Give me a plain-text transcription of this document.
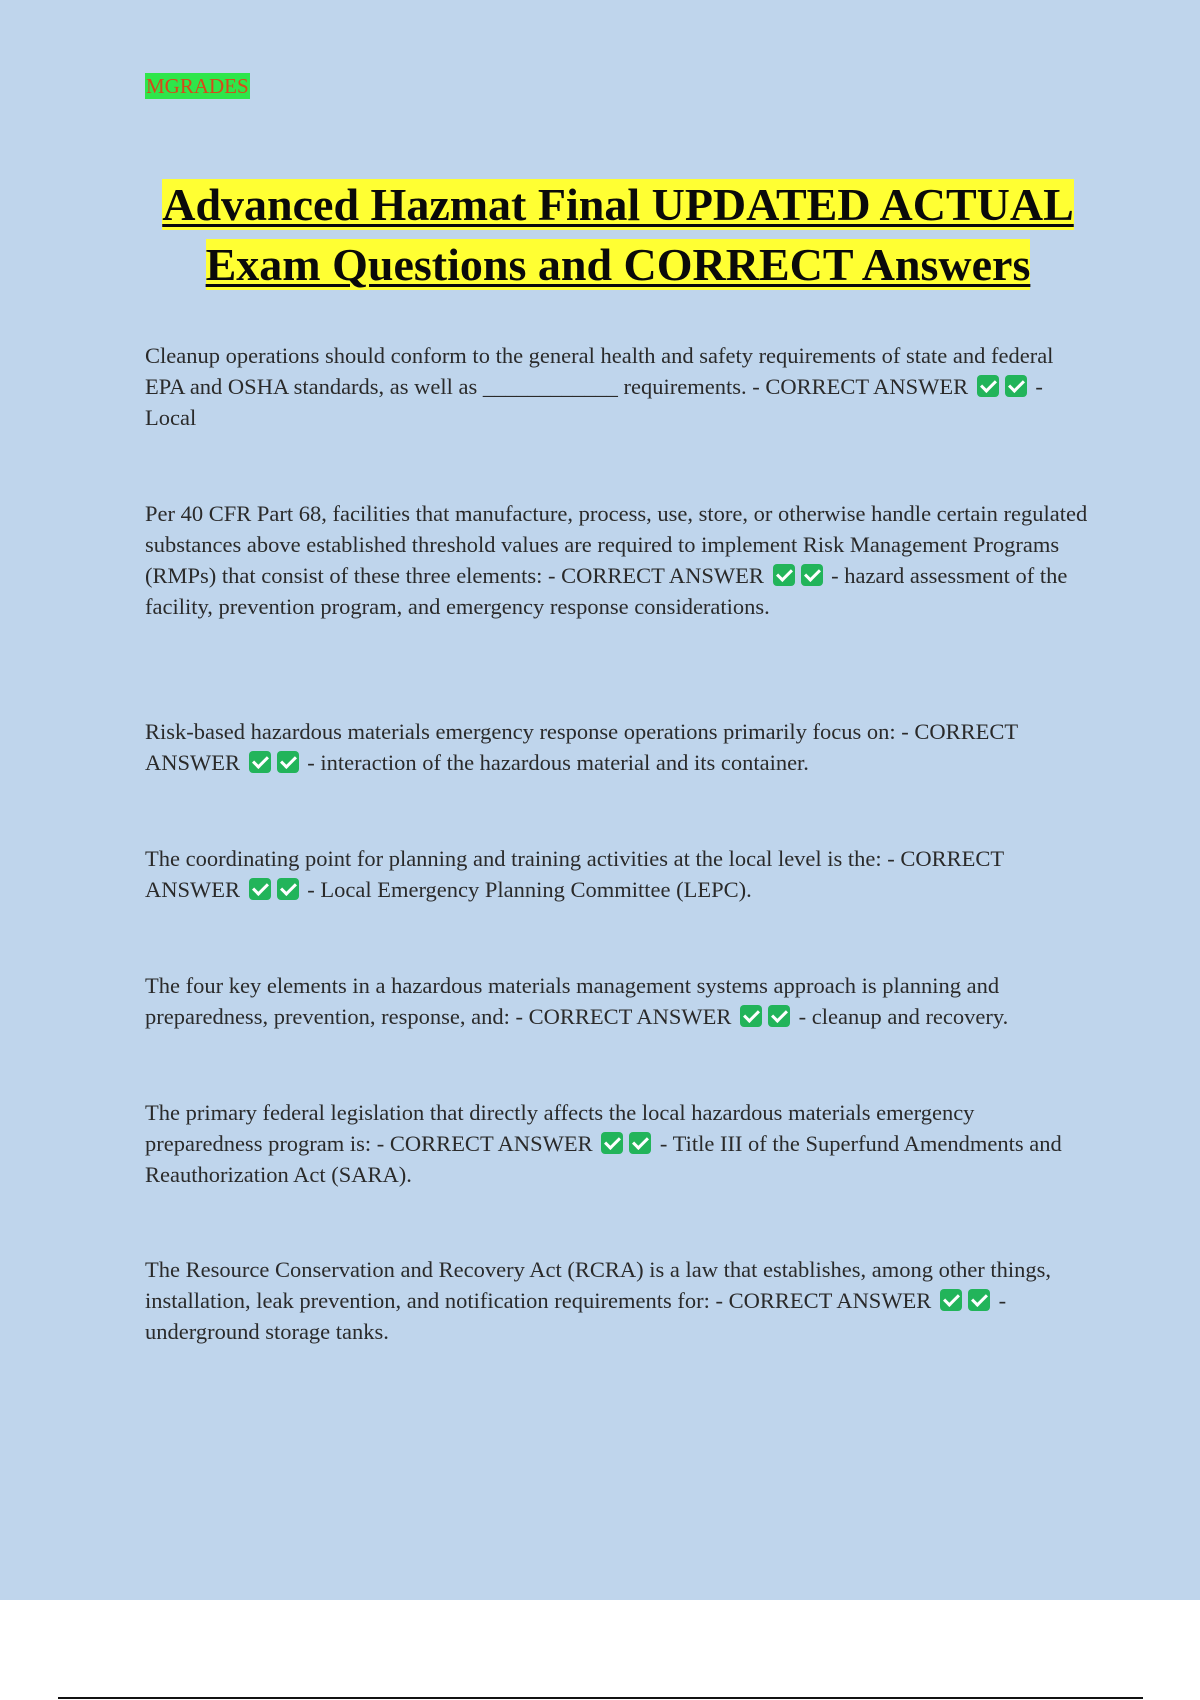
MGRADES
Advanced Hazmat Final UPDATED ACTUAL Exam Questions and CORRECT Answers

Cleanup operations should conform to the general health and safety requirements of state and federal EPA and OSHA standards, as well as ____________ requirements. - CORRECT ANSWER	- Local

Per 40 CFR Part 68, facilities that manufacture, process, use, store, or otherwise handle certain regulated substances above established threshold values are required to implement Risk Management Programs (RMPs) that consist of these three elements: - CORRECT ANSWER	- hazard assessment of the facility, prevention program, and emergency response considerations.

Risk-based hazardous materials emergency response operations primarily focus on: - CORRECT ANSWER	- interaction of the hazardous material and its container.

The coordinating point for planning and training activities at the local level is the: - CORRECT ANSWER	- Local Emergency Planning Committee (LEPC).

The four key elements in a hazardous materials management systems approach is planning and preparedness, prevention, response, and: - CORRECT ANSWER	- cleanup and recovery.

The primary federal legislation that directly affects the local hazardous materials emergency preparedness program is: - CORRECT ANSWER	- Title III of the Superfund Amendments and Reauthorization Act (SARA).

The Resource Conservation and Recovery Act (RCRA) is a law that establishes, among other things, installation, leak prevention, and notification requirements for: - CORRECT ANSWER	- underground storage tanks.
